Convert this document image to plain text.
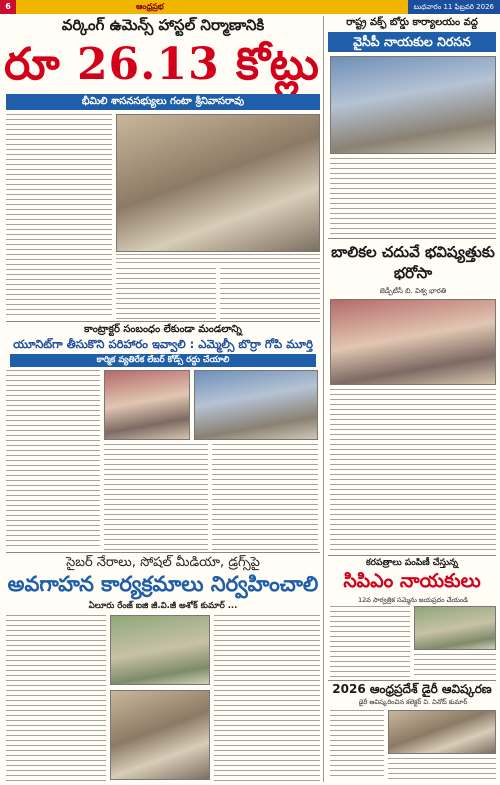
6	ఆంధ్రప్రభ	బుధవారం 11 ఫిబ్రవరి 2026
వర్కింగ్ ఉమెన్స్ హాస్టల్ నిర్మాణానికి
రూ 26.13 కోట్లు
భీమిలి శాసనసభ్యులు గంటా శ్రీనివాసరావు
కాంట్రాక్టర్ సంబంధం లేకుండా మండలాన్ని
యూనిట్‌గా తీసుకొని పరిహారం ఇవ్వాలి : ఎమ్మెల్సీ బొర్రా గోపి మూర్తి
కార్మిక వ్యతిరేక లేబర్ కోడ్స్ రద్దు చేయాలి
సైబర్ నేరాలు, సోషల్ మీడియా, డ్రగ్స్‌పై
అవగాహన కార్యక్రమాలు నిర్వహించాలి
ఏలూరు రేంజ్ ఐజి జీ.వి.జీ అశోక్ కుమార్ ...
రాష్ట్ర వక్ఫ్ బోర్డు కార్యాలయం వద్ద
వైసీపీ నాయకుల నిరసన
బాలికల చదువే భవిష్యత్తుకు భరోసా
జెడ్పీటీసీ బి. విశ్వ భారతి
కరపత్రాలు పంపిణీ చేస్తున్న
సిపిఎం నాయకులు
12వ సార్వత్రిక సమ్మెను జయప్రదం చేయండి
2026 ఆంధ్రప్రదేశ్ డైరీ ఆవిష్కరణ
డైరీ ఆవిష్కరించిన కలెక్టర్ వి. వినోద్ కుమార్
